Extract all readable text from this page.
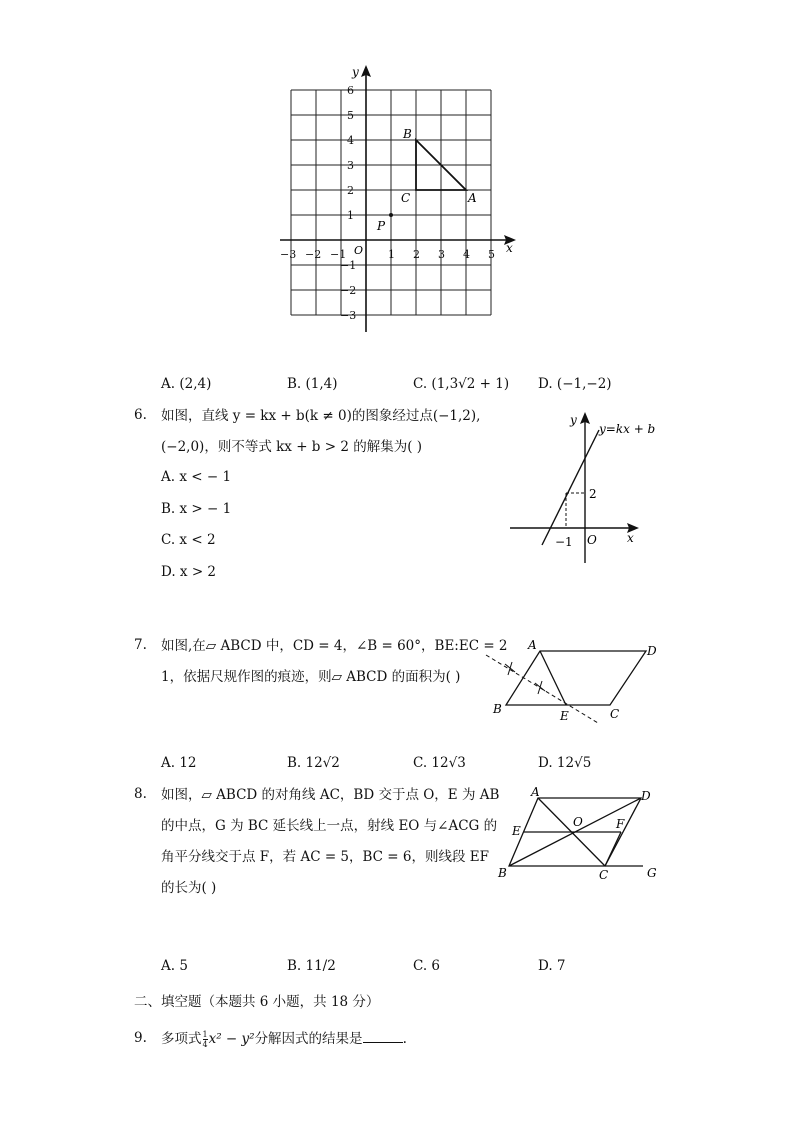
x
y
O
−3 −2 −1	1 2 3 4 5
6
5
4
3
2
1
−1
−2
−3
B
C	A
P
A. (2,4)	B. (1,4)	C. (1,3√2 + 1) D. (−1,−2)
6. 如图，直线 y = kx + b(k ≠ 0)的图象经过点(−1,2),
(−2,0)，则不等式 kx + b > 2 的解集为( )
A. x < − 1
B. x > − 1
C. x < 2
D. x > 2
y=kx + b
y
x
O
2
−1
7. 如图,在▱ ABCD 中，CD = 4，∠B = 60°，BE:EC = 2
1，依据尺规作图的痕迹，则▱ ABCD 的面积为( )
A	D
B	C
E
A. 12	B. 12√2	C. 12√3	D. 12√5
8. 如图，▱ ABCD 的对角线 AC，BD 交于点 O，E 为 AB
的中点，G 为 BC 延长线上一点，射线 EO 与∠ACG 的
角平分线交于点 F，若 AC = 5，BC = 6，则线段 EF
的长为( )
A	D
E
O	F
B	C	G
A. 5	B. 11/2	C. 6	D. 7
二、填空题（本题共 6 小题，共 18 分）
9. 多项式 $\frac{1}{4} x^2 - y^2$分解因式的结果是	.
